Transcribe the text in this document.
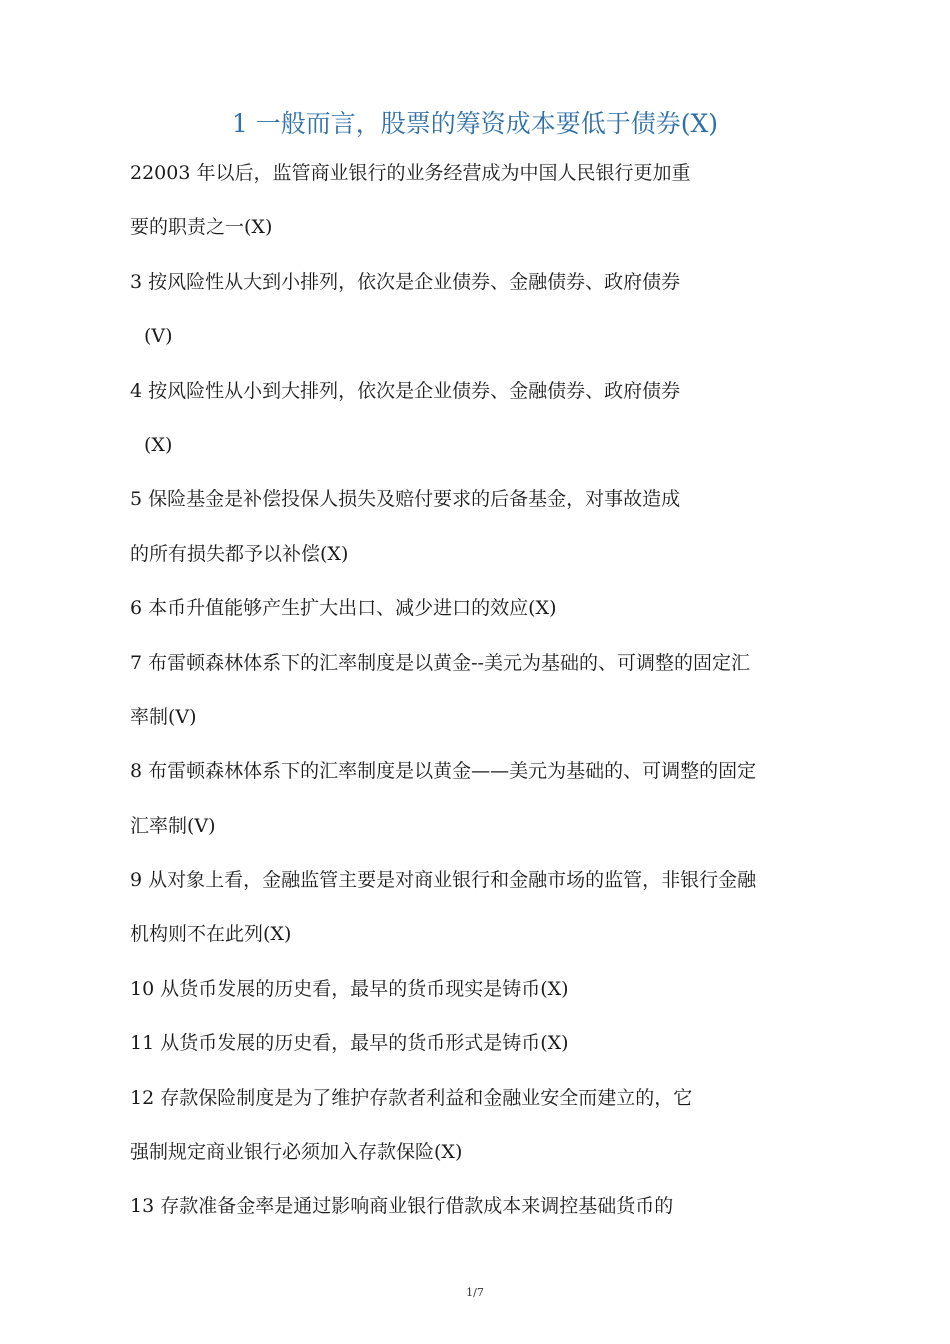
1 一般而言，股票的筹资成本要低于债券(X)
22003 年以后，监管商业银行的业务经营成为中国人民银行更加重
要的职责之一(X)
3 按风险性从大到小排列，依次是企业债券、金融债券、政府债券
(V)
4 按风险性从小到大排列，依次是企业债券、金融债券、政府债券
(X)
5 保险基金是补偿投保人损失及赔付要求的后备基金，对事故造成
的所有损失都予以补偿(X)
6 本币升值能够产生扩大出口、减少进口的效应(X)
7 布雷顿森林体系下的汇率制度是以黄金--美元为基础的、可调整的固定汇
率制(V)
8 布雷顿森林体系下的汇率制度是以黄金——美元为基础的、可调整的固定
汇率制(V)
9 从对象上看，金融监管主要是对商业银行和金融市场的监管，非银行金融
机构则不在此列(X)
10 从货币发展的历史看，最早的货币现实是铸币(X)
11 从货币发展的历史看，最早的货币形式是铸币(X)
12 存款保险制度是为了维护存款者利益和金融业安全而建立的，它
强制规定商业银行必须加入存款保险(X)
13 存款准备金率是通过影响商业银行借款成本来调控基础货币的
1/7
